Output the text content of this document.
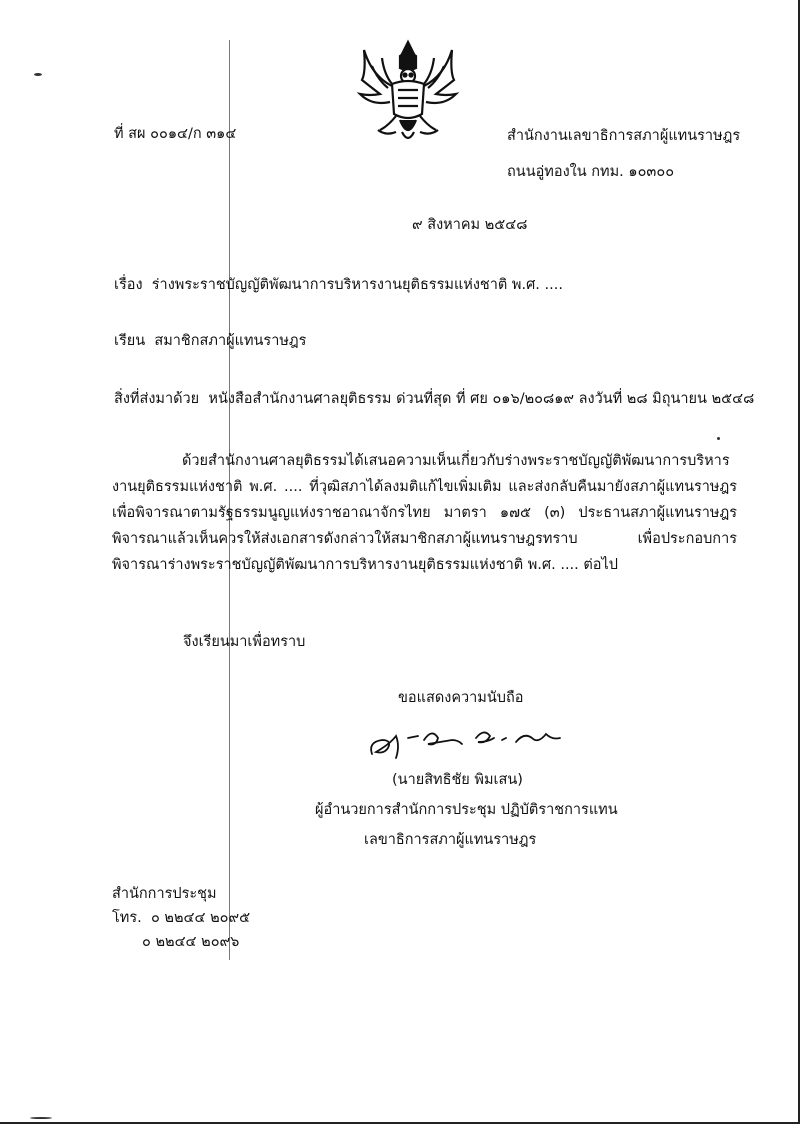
ที่ สผ ๐๐๑๔/ก ๓๑๔	สำนักงานเลขาธิการสภาผู้แทนราษฎร
ถนนอู่ทองใน กทม. ๑๐๓๐๐
๙ สิงหาคม ๒๕๔๘
เรื่อง ร่างพระราชบัญญัติพัฒนาการบริหารงานยุติธรรมแห่งชาติ พ.ศ. ....
เรียน สมาชิกสภาผู้แทนราษฎร
สิ่งที่ส่งมาด้วย หนังสือสำนักงานศาลยุติธรรม ด่วนที่สุด ที่ ศย ๐๑๖/๒๐๘๑๙ ลงวันที่ ๒๘ มิถุนายน ๒๕๔๘
ด้วยสำนักงานศาลยุติธรรมได้เสนอความเห็นเกี่ยวกับร่างพระราชบัญญัติพัฒนาการบริหารงานยุติธรรมแห่งชาติ พ.ศ. .... ที่วุฒิสภาได้ลงมติแก้ไขเพิ่มเติม และส่งกลับคืนมายังสภาผู้แทนราษฎรเพื่อพิจารณาตามรัฐธรรมนูญแห่งราชอาณาจักรไทย มาตรา ๑๗๕ (๓) ประธานสภาผู้แทนราษฎรพิจารณาแล้วเห็นควรให้ส่งเอกสารดังกล่าวให้สมาชิกสภาผู้แทนราษฎรทราบ เพื่อประกอบการพิจารณาร่างพระราชบัญญัติพัฒนาการบริหารงานยุติธรรมแห่งชาติ พ.ศ. .... ต่อไป
จึงเรียนมาเพื่อทราบ
ขอแสดงความนับถือ
(นายสิทธิชัย พิมเสน)
ผู้อำนวยการสำนักการประชุม ปฏิบัติราชการแทน
เลขาธิการสภาผู้แทนราษฎร
สำนักการประชุม
โทร. ๐ ๒๒๔๔ ๒๐๙๕
๐ ๒๒๔๔ ๒๐๙๖
